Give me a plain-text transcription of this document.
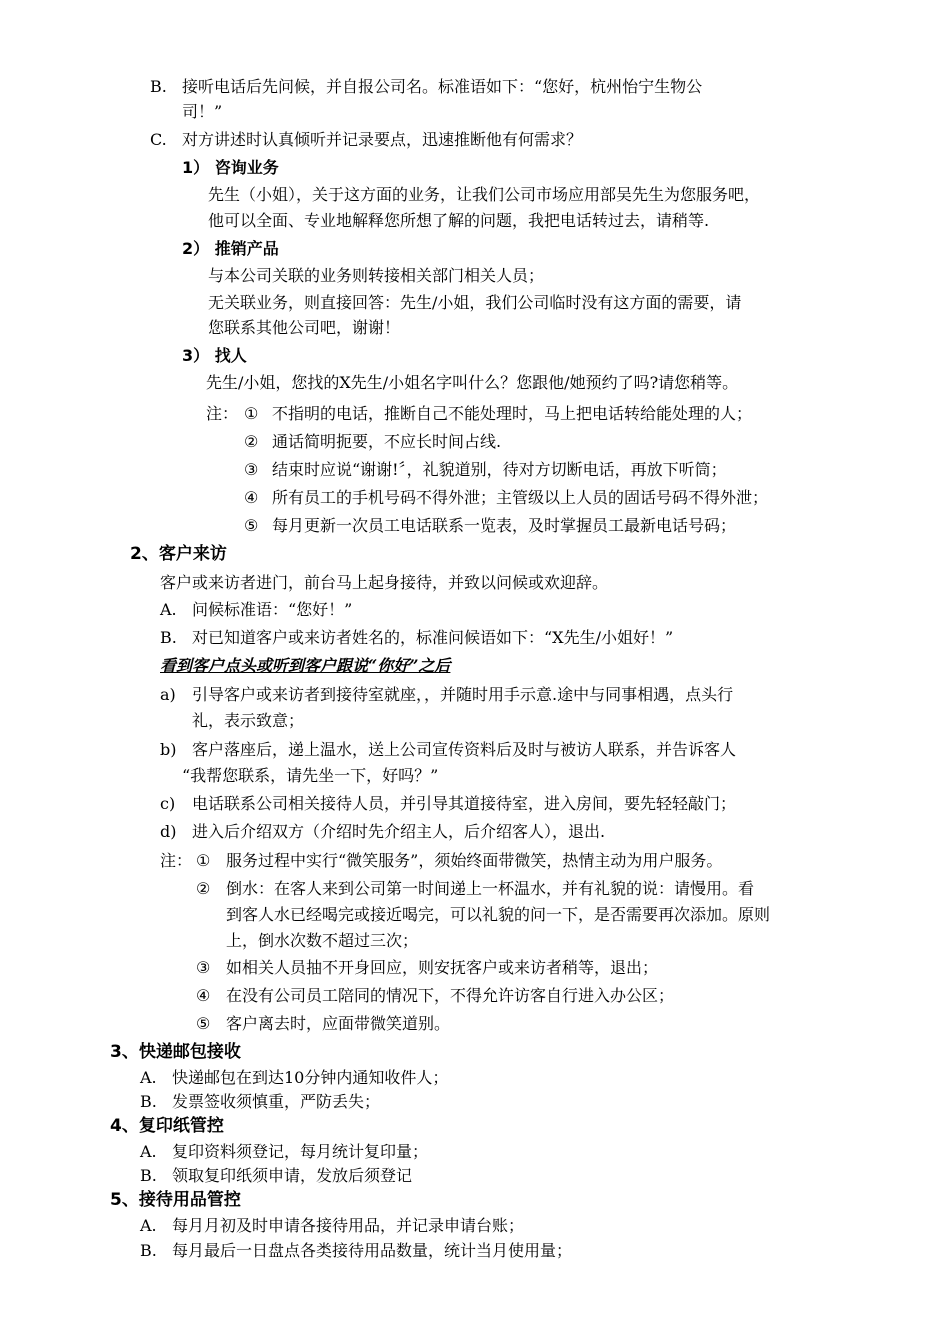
B. 接听电话后先问候，并自报公司名。标准语如下：“您好，杭州怡宁生物公
司！”
C. 对方讲述时认真倾听并记录要点，迅速推断他有何需求？
1） 咨询业务
先生（小姐），关于这方面的业务，让我们公司市场应用部吴先生为您服务吧，
他可以全面、专业地解释您所想了解的问题，我把电话转过去，请稍等.
2） 推销产品
与本公司关联的业务则转接相关部门相关人员；
无关联业务，则直接回答：先生/小姐，我们公司临时没有这方面的需要，请
您联系其他公司吧，谢谢！
3） 找人
先生/小姐，您找的X先生/小姐名字叫什么？您跟他/她预约了吗?请您稍等。
注： ① 不指明的电话，推断自己不能处理时，马上把电话转给能处理的人；
② 通话简明扼要，不应长时间占线.
③ 结束时应说“谢谢!〞，礼貌道别，待对方切断电话，再放下听筒；
④ 所有员工的手机号码不得外泄；主管级以上人员的固话号码不得外泄；
⑤ 每月更新一次员工电话联系一览表，及时掌握员工最新电话号码；
2、客户来访
客户或来访者进门，前台马上起身接待，并致以问候或欢迎辞。
A. 问候标准语：“您好！”
B. 对已知道客户或来访者姓名的，标准问候语如下：“X先生/小姐好！”
看到客户点头或听到客户跟说“你好”之后
a) 引导客户或来访者到接待室就座，，并随时用手示意.途中与同事相遇，点头行
礼，表示致意；
b) 客户落座后，递上温水，送上公司宣传资料后及时与被访人联系，并告诉客人
“我帮您联系，请先坐一下，好吗？”
c) 电话联系公司相关接待人员，并引导其道接待室，进入房间，要先轻轻敲门；
d) 进入后介绍双方（介绍时先介绍主人，后介绍客人），退出.
注： ① 服务过程中实行“微笑服务”，须始终面带微笑，热情主动为用户服务。
② 倒水：在客人来到公司第一时间递上一杯温水，并有礼貌的说：请慢用。看
到客人水已经喝完或接近喝完，可以礼貌的问一下，是否需要再次添加。原则
上，倒水次数不超过三次；
③ 如相关人员抽不开身回应，则安抚客户或来访者稍等，退出；
④ 在没有公司员工陪同的情况下，不得允许访客自行进入办公区；
⑤ 客户离去时，应面带微笑道别。
3、快递邮包接收
A. 快递邮包在到达10分钟内通知收件人；
B. 发票签收须慎重，严防丢失；
4、复印纸管控
A. 复印资料须登记，每月统计复印量；
B. 领取复印纸须申请，发放后须登记
5、接待用品管控
A. 每月月初及时申请各接待用品，并记录申请台账；
B. 每月最后一日盘点各类接待用品数量，统计当月使用量；
